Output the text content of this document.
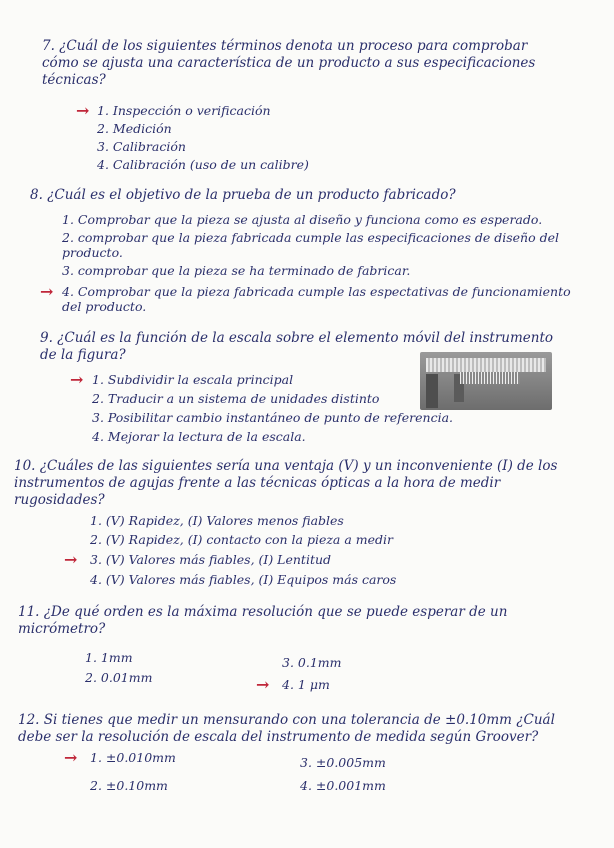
7. ¿Cuál de los siguientes términos denota un proceso para comprobar
cómo se ajusta una característica de un producto a sus especificaciones
técnicas?
→ 1. Inspección o verificación
2. Medición
3. Calibración
4. Calibración (uso de un calibre)
8. ¿Cuál es el objetivo de la prueba de un producto fabricado?
1. Comprobar que la pieza se ajusta al diseño y funciona como es esperado.
2. comprobar que la pieza fabricada cumple las especificaciones de diseño del
producto.
3. comprobar que la pieza se ha terminado de fabricar.
→ 4. Comprobar que la pieza fabricada cumple las espectativas de funcionamiento
del producto.
9. ¿Cuál es la función de la escala sobre el elemento móvil del instrumento
de la figura?
→ 1. Subdividir la escala principal
2. Traducir a un sistema de unidades distinto
3. Posibilitar cambio instantáneo de punto de referencia.
4. Mejorar la lectura de la escala.
10. ¿Cuáles de las siguientes sería una ventaja (V) y un inconveniente (I) de los
instrumentos de agujas frente a las técnicas ópticas a la hora de medir
rugosidades?
1. (V) Rapidez, (I) Valores menos fiables
2. (V) Rapidez, (I) contacto con la pieza a medir
→ 3. (V) Valores más fiables, (I) Lentitud
4. (V) Valores más fiables, (I) Equipos más caros
11. ¿De qué orden es la máxima resolución que se puede esperar de un
micrómetro?
1. 1mm
2. 0.01mm
3. 0.1mm
→ 4. 1 μm
12. Si tienes que medir un mensurando con una tolerancia de ±0.10mm ¿Cuál
debe ser la resolución de escala del instrumento de medida según Groover?
→ 1. ±0.010mm
2. ±0.10mm
3. ±0.005mm
4. ±0.001mm
